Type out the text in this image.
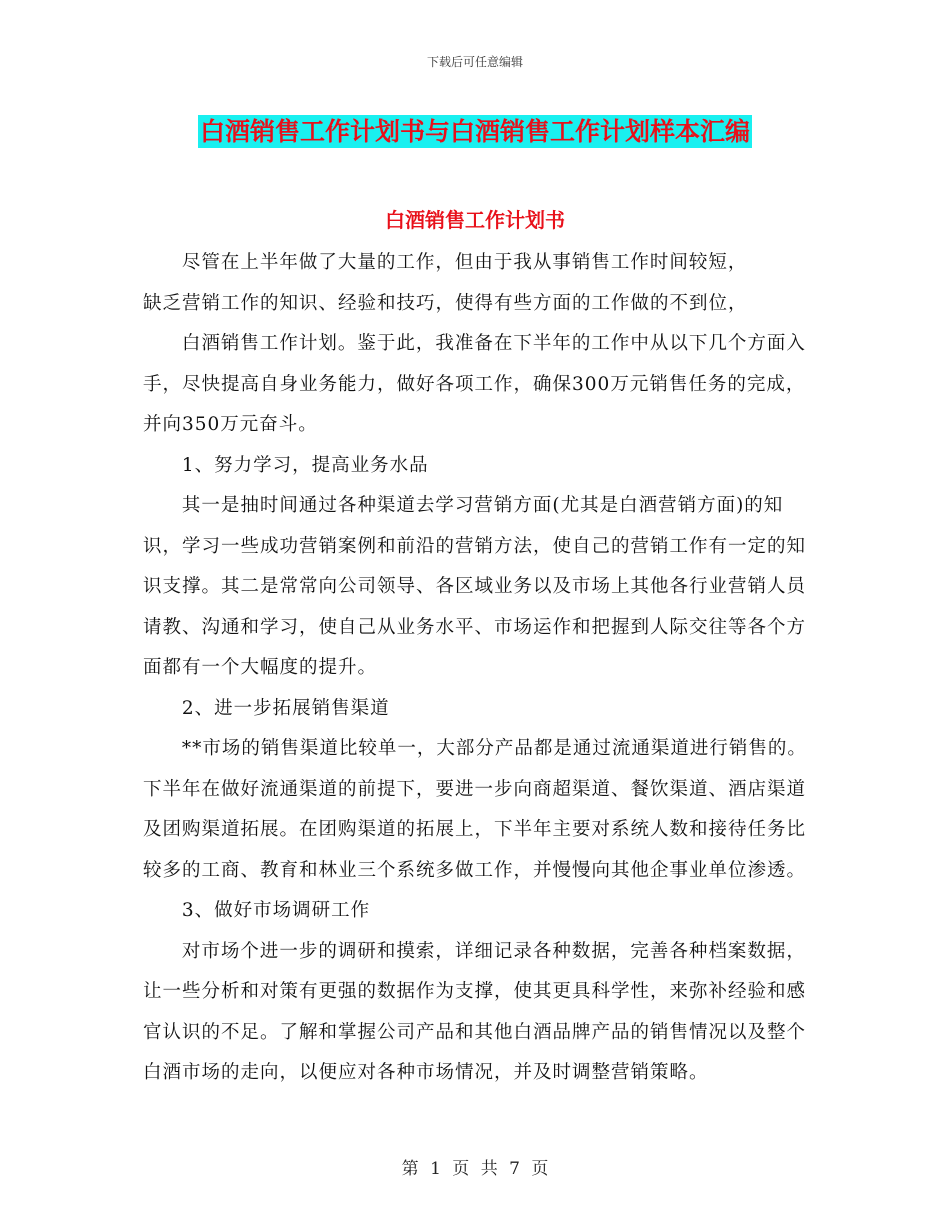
下载后可任意编辑
白酒销售工作计划书与白酒销售工作计划样本汇编
白酒销售工作计划书

尽管在上半年做了大量的工作，但由于我从事销售工作时间较短，

缺乏营销工作的知识、经验和技巧，使得有些方面的工作做的不到位，

白酒销售工作计划。鉴于此，我准备在下半年的工作中从以下几个方面入手，尽快提高自身业务能力，做好各项工作，确保300万元销售任务的完成，并向350万元奋斗。

1、努力学习，提高业务水品

其一是抽时间通过各种渠道去学习营销方面(尤其是白酒营销方面)的知识，学习一些成功营销案例和前沿的营销方法，使自己的营销工作有一定的知识支撑。其二是常常向公司领导、各区域业务以及市场上其他各行业营销人员请教、沟通和学习，使自己从业务水平、市场运作和把握到人际交往等各个方面都有一个大幅度的提升。

2、进一步拓展销售渠道

**市场的销售渠道比较单一，大部分产品都是通过流通渠道进行销售的。下半年在做好流通渠道的前提下，要进一步向商超渠道、餐饮渠道、酒店渠道及团购渠道拓展。在团购渠道的拓展上，下半年主要对系统人数和接待任务比较多的工商、教育和林业三个系统多做工作，并慢慢向其他企事业单位渗透。

3、做好市场调研工作

对市场个进一步的调研和摸索，详细记录各种数据，完善各种档案数据，让一些分析和对策有更强的数据作为支撑，使其更具科学性，来弥补经验和感官认识的不足。了解和掌握公司产品和其他白酒品牌产品的销售情况以及整个白酒市场的走向，以便应对各种市场情况，并及时调整营销策略。

第 1 页 共 7 页
